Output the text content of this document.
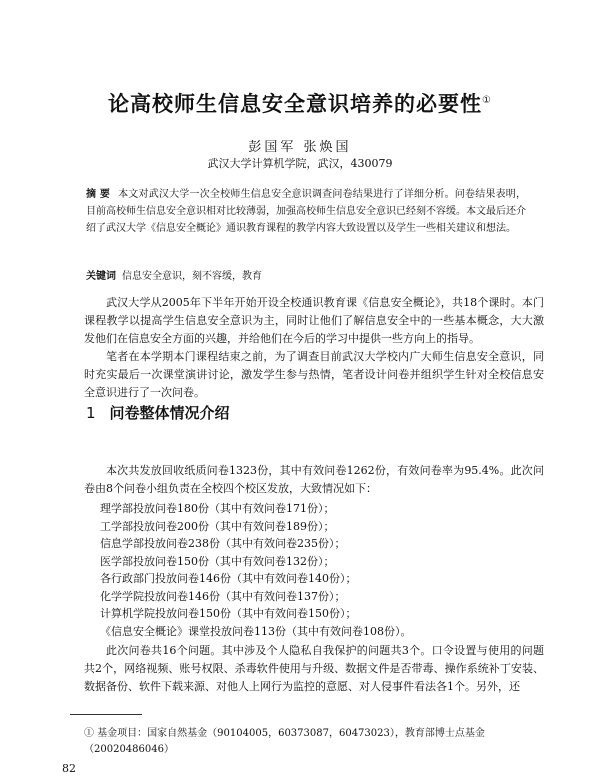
论高校师生信息安全意识培养的必要性①
彭国军 张焕国
武汉大学计算机学院，武汉，430079
摘 要 本文对武汉大学一次全校师生信息安全意识调查问卷结果进行了详细分析。问卷结果表明，目前高校师生信息安全意识相对比较薄弱，加强高校师生信息安全意识已经刻不容缓。本文最后还介绍了武汉大学《信息安全概论》通识教育课程的教学内容大致设置以及学生一些相关建议和想法。
关键词 信息安全意识，刻不容缓，教育

武汉大学从2005年下半年开始开设全校通识教育课《信息安全概论》，共18个课时。本门课程教学以提高学生信息安全意识为主，同时让他们了解信息安全中的一些基本概念，大大激发他们在信息安全方面的兴趣，并给他们在今后的学习中提供一些方向上的指导。

笔者在本学期本门课程结束之前，为了调查目前武汉大学校内广大师生信息安全意识，同时充实最后一次课堂演讲讨论，激发学生参与热情，笔者设计问卷并组织学生针对全校信息安全意识进行了一次问卷。

1 问卷整体情况介绍

本次共发放回收纸质问卷1323份，其中有效问卷1262份，有效问卷率为95.4%。此次问卷由8个问卷小组负责在全校四个校区发放，大致情况如下：

理学部投放问卷180份（其中有效问卷171份）；
工学部投放问卷200份（其中有效问卷189份）；
信息学部投放问卷238份（其中有效问卷235份）；
医学部投放问卷150份（其中有效问卷132份）；
各行政部门投放问卷146份（其中有效问卷140份）；
化学学院投放问卷146份（其中有效问卷137份）；
计算机学院投放问卷150份（其中有效问卷150份）；
《信息安全概论》课堂投放问卷113份（其中有效问卷108份）。

此次问卷共16个问题。其中涉及个人隐私自我保护的问题共3个。口令设置与使用的问题共2个，网络视频、账号权限、杀毒软件使用与升级、数据文件是否带毒、操作系统补丁安装、数据备份、软件下载来源、对他人上网行为监控的意愿、对人侵事件看法各1个。另外，还

① 基金项目：国家自然基金（90104005，60373087，60473023），教育部博士点基金（20020486046）
82
